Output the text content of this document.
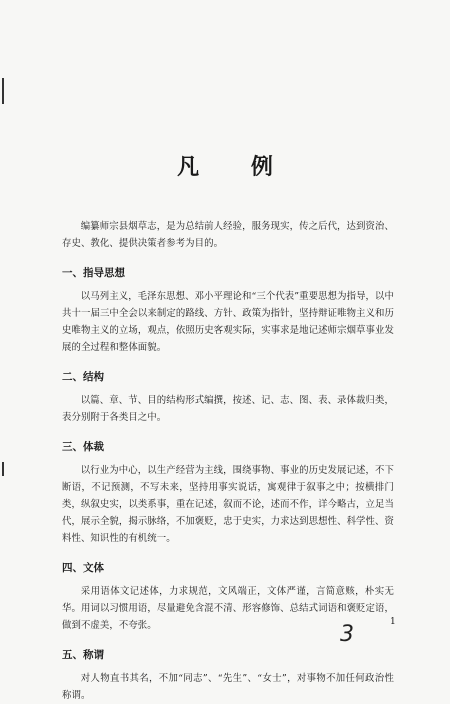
凡 例

编纂师宗县烟草志，是为总结前人经验，服务现实，传之后代，达到资治、存史、教化、提供决策者参考为目的。

一、指导思想

以马列主义，毛泽东思想、邓小平理论和“三个代表”重要思想为指导，以中共十一届三中全会以来制定的路线、方针、政策为指针，坚持辩证唯物主义和历史唯物主义的立场，观点，依照历史客观实际，实事求是地记述师宗烟草事业发展的全过程和整体面貌。

二、结构

以篇、章、节、目的结构形式编撰，按述、记、志、图、表、录体裁归类，表分别附于各类目之中。

三、体裁

以行业为中心，以生产经营为主线，围绕事物、事业的历史发展记述，不下断语，不记预测，不写未来，坚持用事实说话，寓观律于叙事之中；按横排门类，纵叙史实，以类系事，重在记述，叙而不论，述而不作，详今略古，立足当代，展示全貌，揭示脉络，不加褒贬，忠于史实，力求达到思想性、科学性、资料性、知识性的有机统一。

四、文体

采用语体文记述体，力求规范，文风端正，文体严谨，言简意赅，朴实无华。用词以习惯用语，尽量避免含混不清、形容修饰、总结式词语和褒贬定语，做到不虚美，不夸张。

五、称谓

对人物直书其名，不加“同志”、“先生”、“女士”，对事物不加任何政治性称谓。

1
3
